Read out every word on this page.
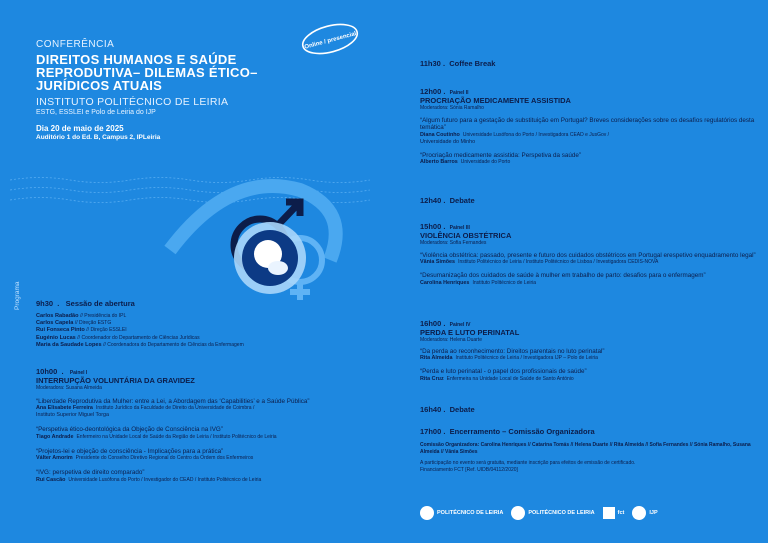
CONFERÊNCIA
DIREITOS HUMANOS E SAÚDE REPRODUTIVA– DILEMAS ÉTICO–JURÍDICOS ATUAIS
INSTITUTO POLITÉCNICO DE LEIRIA
ESTG, ESSLEI e Polo de Leiria do IJP
Dia 20 de maio de 2025
Auditório 1 do Ed. B, Campus 2, IPLeiria
Online / presencial
Programa 9h30  .   Sessão de abertura
Carlos Rabadão // Presidência do IPL
Carlos Capela // Direção ESTG
Rui Fonseca Pinto // Direção ESSLEI
Eugénio Lucas // Coordenador do Departamento de Ciências Jurídicas
Maria da Saudade Lopes // Coordenadora do Departamento de Ciências da Enfermagem
10h00  .   Painel I
INTERRUPÇÃO VOLUNTÁRIA DA GRAVIDEZ
Moderadora: Susana Almeida
“Liberdade Reprodutiva da Mulher: entre a Lei, a Abordagem das ‘Capabilities’ e a Saúde Pública”
Ana Elisabete Ferreira Instituto Jurídico da Faculdade de Direito da Universidade de Coimbra /
Instituto Superior Miguel Torga
“Perspetiva ético-deontológica da Objeção de Consciência na IVG”
Tiago Andrade Enfermeiro na Unidade Local de Saúde da Região de Leiria / Instituto Politécnico de Leiria
“Projetos-lei e objeção de consciência - Implicações para a prática”
Válter Amorim Presidente do Conselho Diretivo Regional do Centro da Ordem dos Enfermeiros
“IVG: perspetiva de direito comparado”
Rui Cascão Universidade Lusófona do Porto / Investigador do CEAD / Instituto Politécnico de Leiria
11h30 .  Coffee Break
12h00 .  Painel II
PROCRIAÇÃO MEDICAMENTE ASSISTIDA
Moderadora: Sónia Ramalho
“Algum futuro para a gestação de substituição em Portugal? Breves considerações sobre os desafios regulatórios desta temática”
Diana Coutinho Universidade Lusófona do Porto / Investigadora CEAD e JusGov /
Universidade do Minho
“Procriação medicamente assistida: Perspetiva da saúde”
Alberto Barros Universidade do Porto
12h40 .  Debate
15h00 .  Painel III
VIOLÊNCIA OBSTÉTRICA
Moderadora: Sofia Fernandes
“Violência obstétrica: passado, presente e futuro dos cuidados obstétricos em Portugal erespetivo enquadramento legal”
Vânia Simões Instituto Politécnico de Leiria / Instituto Politécnico de Lisboa / Investigadora CEDIS-NOVA
“Desumanização dos cuidados de saúde à mulher em trabalho de parto: desafios para o enfermagem”
Carolina Henriques Instituto Politécnico de Leiria
16h00 .  Painel IV
PERDA E LUTO PERINATAL
Moderadora: Helena Duarte
“Da perda ao reconhecimento: Direitos parentais no luto perinatal”
Rita Almeida Instituto Politécnico de Leiria / Investigadora IJP – Polo de Leiria
“Perda e luto perinatal - o papel dos profissionais de saúde”
Rita Cruz Enfermeira na Unidade Local de Saúde de Santo António
16h40 .  Debate
17h00 .  Encerramento – Comissão Organizadora
Comissão Organizadora: Carolina Henriques // Catarina Tomás // Helena Duarte // Rita Almeida // Sofia Fernandes // Sónia Ramalho, Susana Almeida // Vânia Simões
A participação no evento será gratuita, mediante inscrição para efeitos de emissão de certificado.
Financiamento FCT [Ref. UIDB/04112/2020]
POLITÉCNICO DE LEIRIA	POLITÉCNICO DE LEIRIA	fct	IJP
